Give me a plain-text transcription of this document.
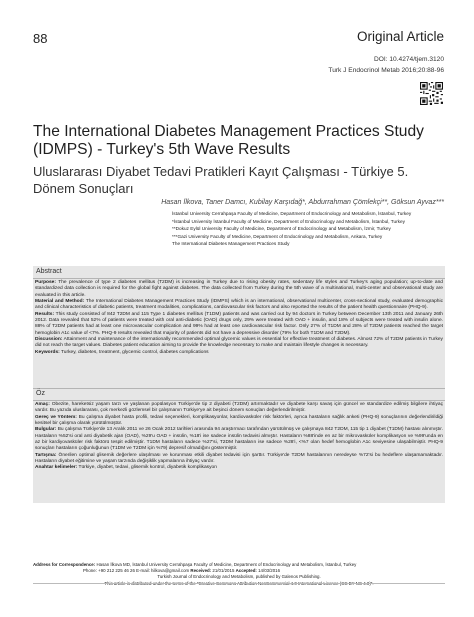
88	Original Article
DOI: 10.4274/tjem.3120
Turk J Endocrinol Metab 2016;20:88-96
The International Diabetes Management Practices Study (IDMPS) - Turkey's 5th Wave Results
Uluslararası Diyabet Tedavi Pratikleri Kayıt Çalışması - Türkiye 5. Dönem Sonuçları
Hasan İlkova, Taner Damcı, Kubilay Karşıdağ*, Abdurrahman Çömlekçi**, Göksun Ayvaz***
İstanbul University Cerrahpaşa Faculty of Medicine, Department of Endocrinology and Metabolism, İstanbul, Turkey
*İstanbul University İstanbul Faculty of Medicine, Department of Endocrinology and Metabolism, İstanbul, Turkey
**Dokuz Eylül University Faculty of Medicine, Department of Endocrinology and Metabolism, İzmir, Turkey
***Gazi University Faculty of Medicine, Department of Endocrinology and Metabolism, Ankara, Turkey
The International Diabetes Management Practices Study
Abstract
Purpose: The prevalence of type 2 diabetes mellitus (T2DM) is increasing in Turkey due to rising obesity rates, sedentary life styles and Turkey's aging population; up-to-date and standardized data collection is required for the global fight against diabetes. The data collected from Turkey during the 5th wave of a multinational, multi-center and observational study are evaluated in this article.
Material and Method: The International Diabetes Management Practices Study (IDMPS) which is an international, observational multicenter, cross-sectional study, evaluated demographic and clinical characteristics of diabetic patients, treatment modalities, complications, cardiovascular risk factors and also reported the results of the patient health questionnaire (PHQ-9).
Results: This study consisted of 842 T2DM and 115 Type 1 diabetes mellitus (T1DM) patients and was carried out by 94 doctors in Turkey between December 13th 2011 and January 26th 2012. Data revealed that 52% of patients were treated with oral anti-diabetic (OAD) drugs only, 29% were treated with OAD + insulin, and 18% of subjects were treated with insulin alone. 88% of T2DM patients had at least one microvascular complication and 99% had at least one cardiovascular risk factor. Only 27% of T1DM and 28% of T2DM patients reached the target hemoglobin A1c value of <7%. PHQ-9 results revealed that majority of patients did not have a depressive disorder (79% for both T1DM and T2DM).
Discussion: Attainment and maintenance of the internationally recommended optimal glycemic values is essential for effective treatment of diabetes. Almost 72% of T2DM patients in Turkey did not reach the target values. Diabetes patient education aiming to provide the knowledge necessary to make and maintain lifestyle changes is necessary.
Keywords: Turkey, diabetes, treatment, glycemic control, diabetes complications
Öz
Amaç: Obezite, hareketsiz yaşam tarzı ve yaşlanan popülasyon Türkiye'de tip 2 diyabeti (T2DM) artırmaktadır ve diyabete karşı savaş için güncel ve standardize edilmiş bilgilere ihtiyaç vardır. Bu yazıda uluslararası, çok merkezli gözlemsel bir çalışmanın Türkiye'ye ait beşinci dönem sonuçları değerlendirilmiştir.
Gereç ve Yöntem: Bu çalışma diyabet hasta profili, tedavi seçenekleri, komplikasyonlar, kardiovasküler risk faktörleri, ayrıca hastaların sağlık anketi (PHQ-9) sonuçlarının değerlendirildiği kesitsel bir çalışma olarak yürütülmüştür.
Bulgular: Bu çalışma Türkiye'de 13 Aralık 2011 ve 26 Ocak 2012 tarihleri arasında 94 araştırmacı tarafından yürütülmüş ve çalışmaya 842 T2DM, 115 tip 1 diyabet (T1DM) hastası alınmıştır. Hastaların %52'si oral anti diyabetik ajan (OAD), %29'u OAD + insülin, %18'i ise sadece insülin tedavisi almıştır. Hastaların %88'inde en az bir mikrovasküler komplikasyon ve %99'unda en az bir kardiyovasküler risk faktörü tespit edilmiştir. T1DM hastaların sadece %27'si, T2DM hastaların ise sadece %28'i, <%7 olan hedef hemoglobin A1c seviyesine ulaşabilmiştir. PHQ-9 sonuçları hastaların çoğunluğunun (T1DM ve T2DM için %79) depresif olmadığını göstermiştir.
Tartışma: Önerilen optimal glisemik değerlere ulaşılması ve korunması etkili diyabet tedavisi için şarttır. Türkiye'de T2DM hastalarının neredeyse %72'si bu hedeflere ulaşamamaktadır. Hastaların diyabet eğitimine ve yaşam tarzında değişiklik yapmalarına ihtiyaç vardır.
Anahtar kelimeler: Türkiye, diyabet, tedavi, glisemik kontrol, diyabetik komplikasyon
Address for Correspondence: Hasan İlkova MD, İstanbul University Cerrahpaşa Faculty of Medicine, Department of Endocrinology and Metabolism, İstanbul, Turkey
Phone: +90 212 225 46 26 E-mail: hilkova@gmail.com Received: 21/01/2015 Accepted: 14/03/2016
Turkish Journal of Endocrinology and Metabolism, published by Galenos Publishing.
